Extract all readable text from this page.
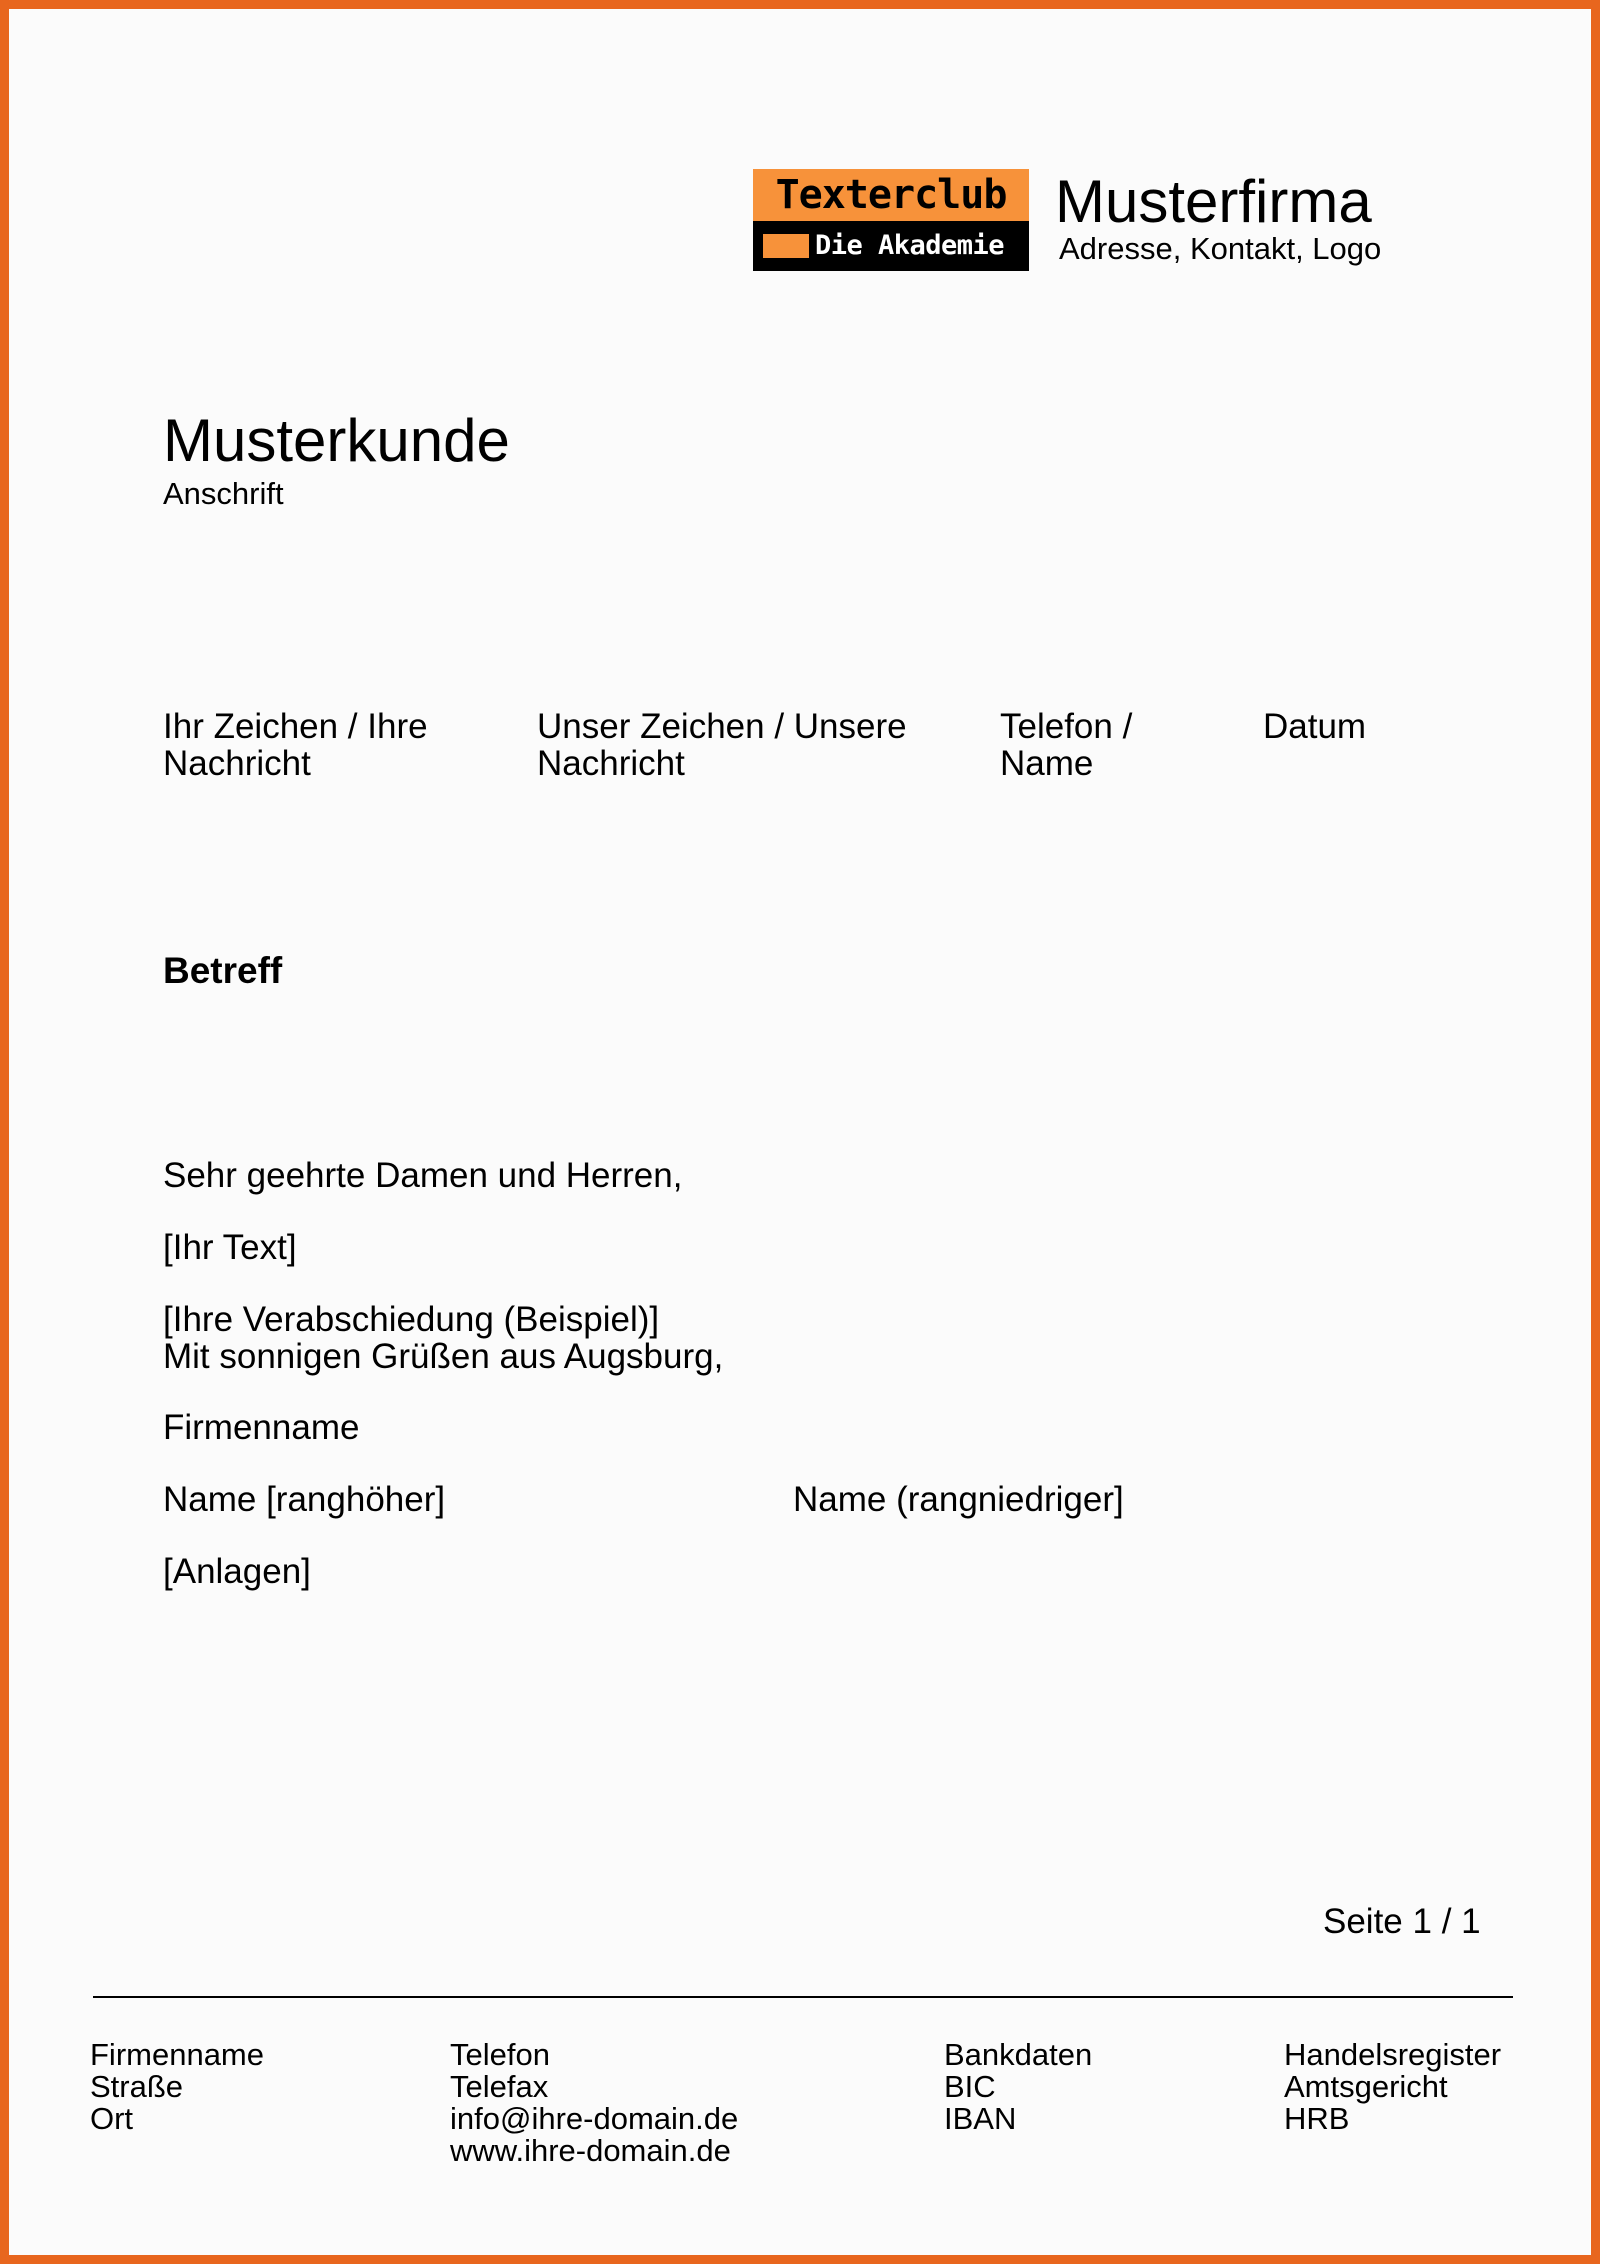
Texterclub
Die Akademie
Musterfirma
Adresse, Kontakt, Logo
Musterkunde
Anschrift
Ihr Zeichen / Ihre Nachricht
Unser Zeichen / Unsere Nachricht
Telefon / Name
Datum
Betreff
Sehr geehrte Damen und Herren,
[Ihr Text]
[Ihre Verabschiedung (Beispiel)]
Mit sonnigen Grüßen aus Augsburg,
Firmenname
Name [ranghöher]	Name (rangniedriger]
[Anlagen]
Seite 1 / 1
Firmenname
Straße
Ort
Telefon
Telefax
info@ihre-domain.de
www.ihre-domain.de
Bankdaten
BIC
IBAN
Handelsregister
Amtsgericht
HRB
